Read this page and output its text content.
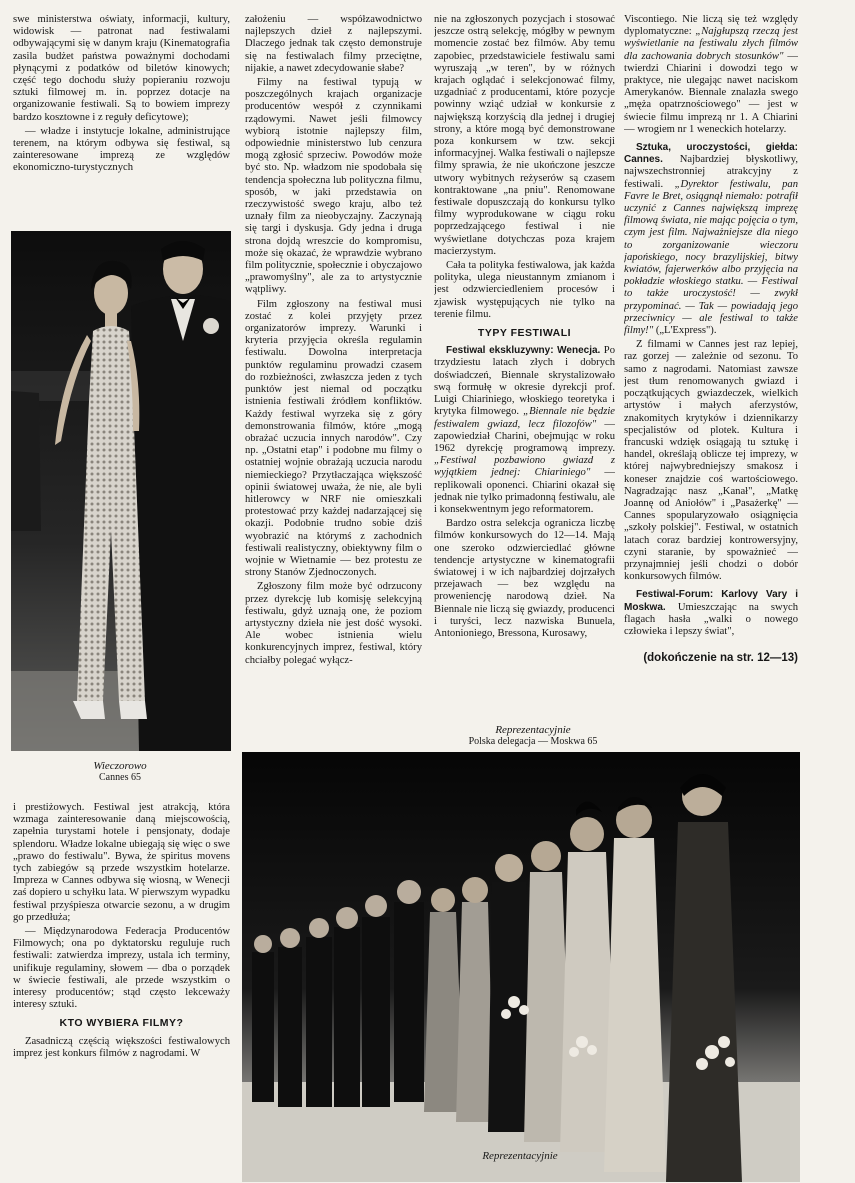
swe ministerstwa oświaty, informacji, kultury, widowisk — patronat nad festiwalami odbywającymi się w danym kraju (Kinematografia zasila budżet państwa poważnymi dochodami płynącymi z podatków od biletów kinowych; część tego dochodu służy popieraniu rozwoju sztuki filmowej m. in. poprzez dotacje na organizowanie festiwali. Są to bowiem imprezy bardzo kosztowne i z reguły deficytowe);

— władze i instytucje lokalne, administrujące terenem, na którym odbywa się festiwal, są zainteresowane imprezą ze względów ekonomiczno-turystycznych

Wieczorowo
Cannes 65

i prestiżowych. Festiwal jest atrakcją, która wzmaga zainteresowanie daną miejscowością, zapełnia turystami hotele i pensjonaty, dodaje splendoru. Władze lokalne ubiegają się więc o swe „prawo do festiwalu". Bywa, że spiritus movens tych zabiegów są przede wszystkim hotelarze. Impreza w Cannes odbywa się wiosną, w Wenecji zaś dopiero u schyłku lata. W pierwszym wypadku festiwal przyśpiesza otwarcie sezonu, a w drugim go przedłuża;

— Międzynarodowa Federacja Producentów Filmowych; ona po dyktatorsku reguluje ruch festiwali: zatwierdza imprezy, ustala ich terminy, unifikuje regulaminy, słowem — dba o porządek w świecie festiwali, ale przede wszystkim o interesy producentów; stąd często lekceważy interesy sztuki.

KTO WYBIERA FILMY?

Zasadniczą częścią większości festiwalowych imprez jest konkurs filmów z nagrodami. W

założeniu — współzawodnictwo najlepszych dzieł z najlepszymi. Dlaczego jednak tak często demonstruje się na festiwalach filmy przeciętne, nijakie, a nawet zdecydowanie słabe?

Filmy na festiwal typują w poszczególnych krajach organizacje producentów wespół z czynnikami rządowymi. Nawet jeśli filmowcy wybiorą istotnie najlepszy film, odpowiednie ministerstwo lub cenzura mogą zgłosić sprzeciw. Powodów może być sto. Np. władzom nie spodobała się tendencja społeczna lub polityczna filmu, sposób, w jaki przedstawia on rzeczywistość swego kraju, albo też uznały film za nieobyczajny. Zaczynają się targi i dyskusja. Gdy jedna i druga strona dojdą wreszcie do kompromisu, może się okazać, że wprawdzie wybrano film politycznie, społecznie i obyczajowo „prawomyślny", ale za to artystycznie wątpliwy.

Film zgłoszony na festiwal musi zostać z kolei przyjęty przez organizatorów imprezy. Warunki i kryteria przyjęcia określa regulamin festiwalu. Dowolna interpretacja punktów regulaminu prowadzi czasem do rozbieżności, zwłaszcza jeden z tych punktów jest niemal od początku istnienia festiwali źródłem konfliktów. Każdy festiwal wyrzeka się z góry demonstrowania filmów, które „mogą obrażać uczucia innych narodów". Czy np. „Ostatni etap" i podobne mu filmy o ostatniej wojnie obrażają uczucia narodu niemieckiego? Przytłaczająca większość opinii światowej uważa, że nie, ale byli hitlerowcy w NRF nie omieszkali protestować przy każdej nadarzającej się okazji. Podobnie trudno sobie dziś wyobrazić na którymś z zachodnich festiwali realistyczny, obiektywny film o wojnie w Wietnamie — bez protestu ze strony Stanów Zjednoczonych.

Zgłoszony film może być odrzucony przez dyrekcję lub komisję selekcyjną festiwalu, gdyż uznają one, że poziom artystyczny dzieła nie jest dość wysoki. Ale wobec istnienia wielu konkurencyjnych imprez, festiwal, który chciałby polegać wyłącz-

nie na zgłoszonych pozycjach i stosować jeszcze ostrą selekcję, mógłby w pewnym momencie zostać bez filmów. Aby temu zapobiec, przedstawiciele festiwalu sami wyruszają „w teren", by w różnych krajach oglądać i selekcjonować filmy, uzgadniać z producentami, które pozycje powinny wziąć udział w konkursie z największą korzyścią dla jednej i drugiej strony, a które mogą być demonstrowane poza konkursem w tzw. sekcji informacyjnej. Walka festiwali o najlepsze filmy sprawia, że nie ukończone jeszcze utwory wybitnych reżyserów są czasem kontraktowane „na pniu". Renomowane festiwale dopuszczają do konkursu tylko filmy wyprodukowane w ciągu roku poprzedzającego festiwal i nie wyświetlane dotychczas poza krajem macierzystym.

Cała ta polityka festiwalowa, jak każda polityka, ulega nieustannym zmianom i jest odzwierciedleniem procesów i zjawisk występujących nie tylko na terenie filmu.

TYPY FESTIWALI

Festiwal ekskluzywny: Wenecja. Po trzydziestu latach złych i dobrych doświadczeń, Biennale skrystalizowało swą formułę w okresie dyrekcji prof. Luigi Chiariniego, włoskiego teoretyka i krytyka filmowego. „Biennale nie będzie festiwalem gwiazd, lecz filozofów" — zapowiedział Charini, obejmując w roku 1962 dyrekcję programową imprezy. „Festiwal pozbawiono gwiazd z wyjątkiem jednej: Chiariniego" — replikowali oponenci. Chiarini okazał się jednak nie tylko primadonną festiwalu, ale i konsekwentnym jego reformatorem.

Bardzo ostra selekcja ogranicza liczbę filmów konkursowych do 12—14. Mają one szeroko odzwierciedlać główne tendencje artystyczne w kinematografii światowej i w ich najbardziej dojrzałych przejawach — bez względu na proweniencję narodową dzieł. Na Biennale nie liczą się gwiazdy, producenci i turyści, lecz nazwiska Bunuela, Antonioniego, Bressona, Kurosawy,

Viscontiego. Nie liczą się też względy dyplomatyczne: „Najgłupszą rzeczą jest wyświetlanie na festiwalu złych filmów dla zachowania dobrych stosunków" — twierdzi Chiarini i dowodzi tego w praktyce, nie ulegając nawet naciskom Amerykanów. Biennale znalazła swego „męża opatrznościowego" — jest w świecie filmu imprezą nr 1. A Chiarini — wrogiem nr 1 weneckich hotelarzy.

Sztuka, uroczystości, giełda: Cannes. Najbardziej błyskotliwy, najwszechstronniej atrakcyjny z festiwali. „Dyrektor festiwalu, pan Favre le Bret, osiągnął niemało: potrafił uczynić z Cannes największą imprezę filmową świata, nie mając pojęcia o tym, czym jest film. Najważniejsze dla niego to zorganizowanie wieczoru japońskiego, nocy brazylijskiej, bitwy kwiatów, fajerwerków albo przyjęcia na pokładzie włoskiego statku. — Festiwal to także uroczystość! — zwykł przypominać. — Tak — powiadają jego przeciwnicy — ale festiwal to także filmy!" („L'Express").

Z filmami w Cannes jest raz lepiej, raz gorzej — zależnie od sezonu. To samo z nagrodami. Natomiast zawsze jest tłum renomowanych gwiazd i początkujących gwiazdeczek, wielkich artystów i małych aferzystów, znakomitych krytyków i dziennikarzy specjalistów od plotek. Kultura i francuski wdzięk osiągają tu sztukę i handel, określają oblicze tej imprezy, w której najwybredniejszy smakosz i koneser znajdzie coś wartościowego. Nagradzając nasz „Kanał", „Matkę Joannę od Aniołów" i „Pasażerkę" — Cannes spopularyzowało osiągnięcia „szkoły polskiej". Festiwal, w ostatnich latach coraz bardziej kontrowersyjny, czyni staranie, by spoważnieć — przynajmniej jeśli chodzi o dobór konkursowych filmów.

Festiwal-Forum: Karlovy Vary i Moskwa. Umieszczając na swych flagach hasła „walki o nowego człowieka i lepszy świat",

(dokończenie na str. 12—13)
Reprezentacyjnie
Polska delegacja — Moskwa 65
Reprezentacyjnie
